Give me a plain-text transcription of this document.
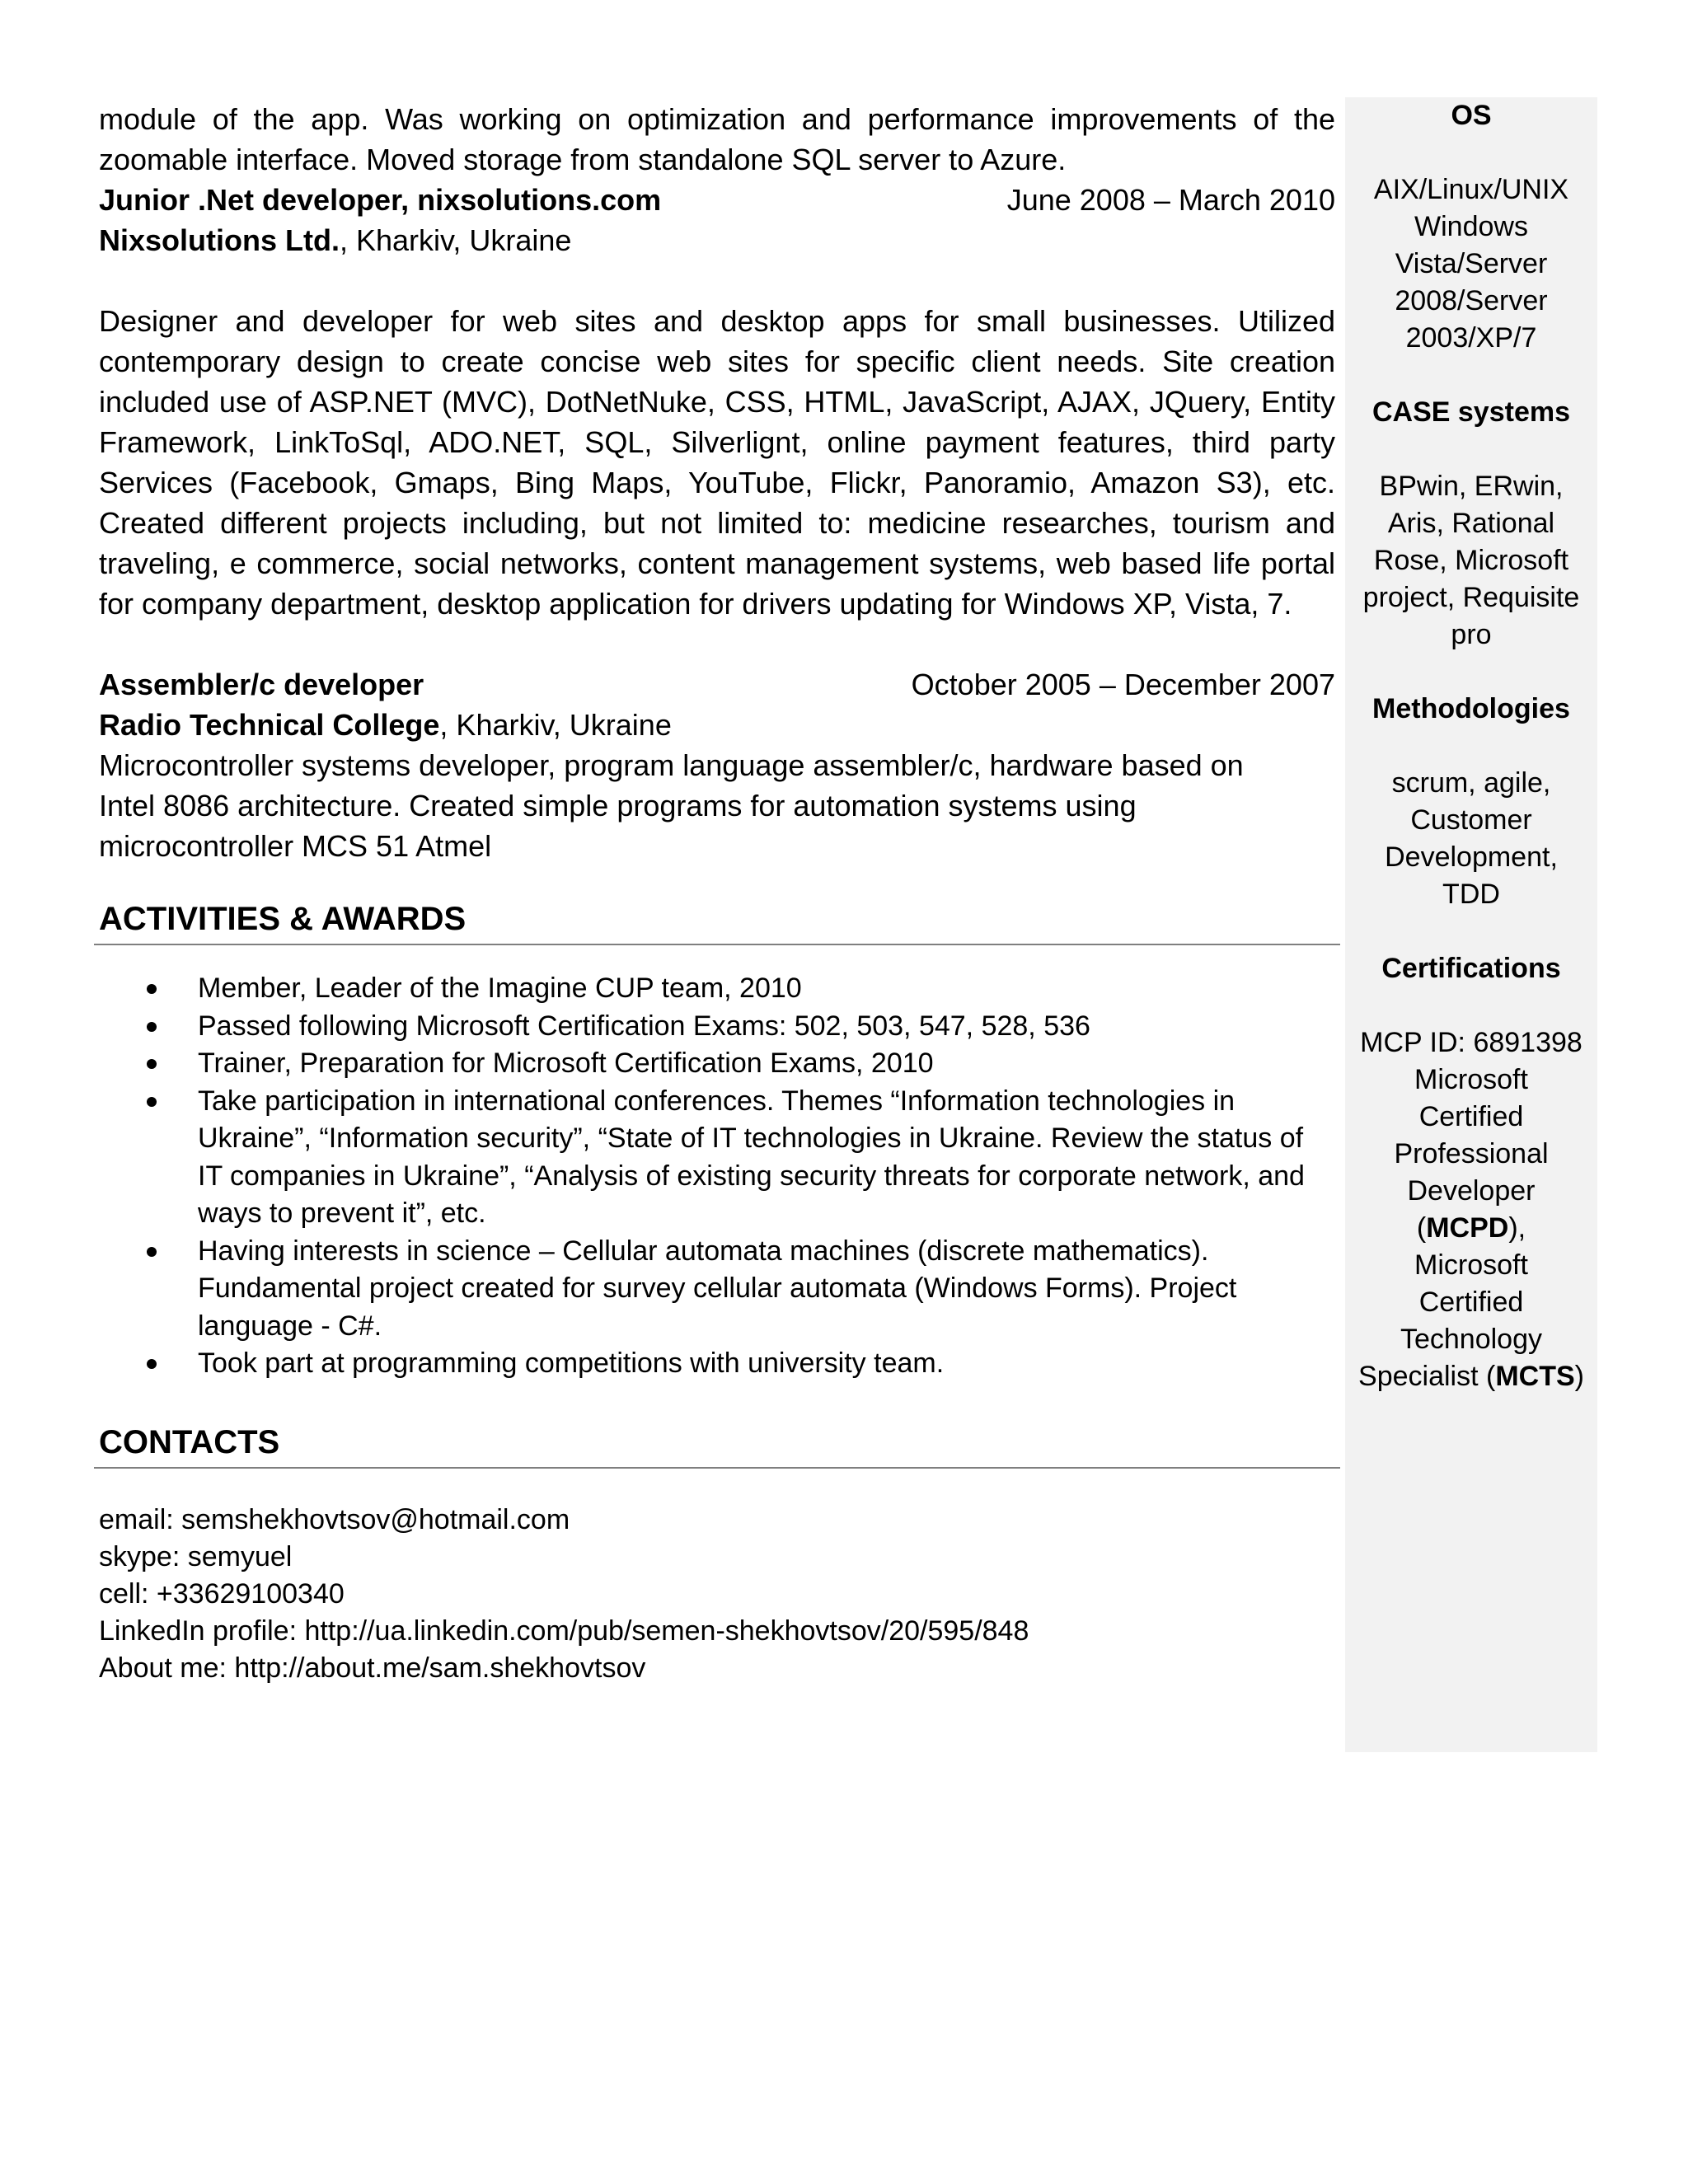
module of the app. Was working on optimization and performance improvements of the

zoomable interface. Moved storage from standalone SQL server to Azure.

Junior .Net developer, nixsolutions.com	June 2008 – March 2010

Nixsolutions Ltd., Kharkiv, Ukraine

Designer and developer for web sites and desktop apps for small businesses. Utilized contemporary design to create concise web sites for specific client needs. Site creation included use of ASP.NET (MVC), DotNetNuke, CSS, HTML, JavaScript, AJAX, JQuery, Entity Framework, LinkToSql, ADO.NET, SQL, Silverlignt, online payment features, third party Services (Facebook, Gmaps, Bing Maps, YouTube, Flickr, Panoramio, Amazon S3), etc. Created different projects including, but not limited to: medicine researches, tourism and traveling, e commerce, social networks, content management systems, web based life portal for company department, desktop application for drivers updating for Windows XP, Vista, 7.

Assembler/c developer	October 2005 – December 2007

Radio Technical College, Kharkiv, Ukraine

Microcontroller systems developer, program language assembler/c, hardware based on

Intel 8086 architecture. Created simple programs for automation systems using

microcontroller MCS 51 Atmel

ACTIVITIES & AWARDS
Member, Leader of the Imagine CUP team, 2010
Passed following Microsoft Certification Exams: 502, 503, 547, 528, 536
Trainer, Preparation for Microsoft Certification Exams, 2010
Take participation in international conferences. Themes “Information technologies in Ukraine”, “Information security”, “State of IT technologies in Ukraine. Review the status of IT companies in Ukraine”, “Analysis of existing security threats for corporate network, and ways to prevent it”, etc.
Having interests in science – Cellular automata machines (discrete mathematics). Fundamental project created for survey cellular automata (Windows Forms). Project language - C#.
Took part at programming competitions with university team.
CONTACTS

email: semshekhovtsov@hotmail.com

skype: semyuel

cell: +33629100340

LinkedIn profile: http://ua.linkedin.com/pub/semen-shekhovtsov/20/595/848

About me: http://about.me/sam.shekhovtsov

OS
AIX/Linux/UNIX
Windows
Vista/Server
2008/Server
2003/XP/7
CASE systems
BPwin, ERwin,
Aris, Rational
Rose, Microsoft
project, Requisite
pro
Methodologies
scrum, agile,
Customer
Development,
TDD
Certifications
MCP ID: 6891398
Microsoft
Certified
Professional
Developer
(MCPD),
Microsoft
Certified
Technology
Specialist (MCTS)
